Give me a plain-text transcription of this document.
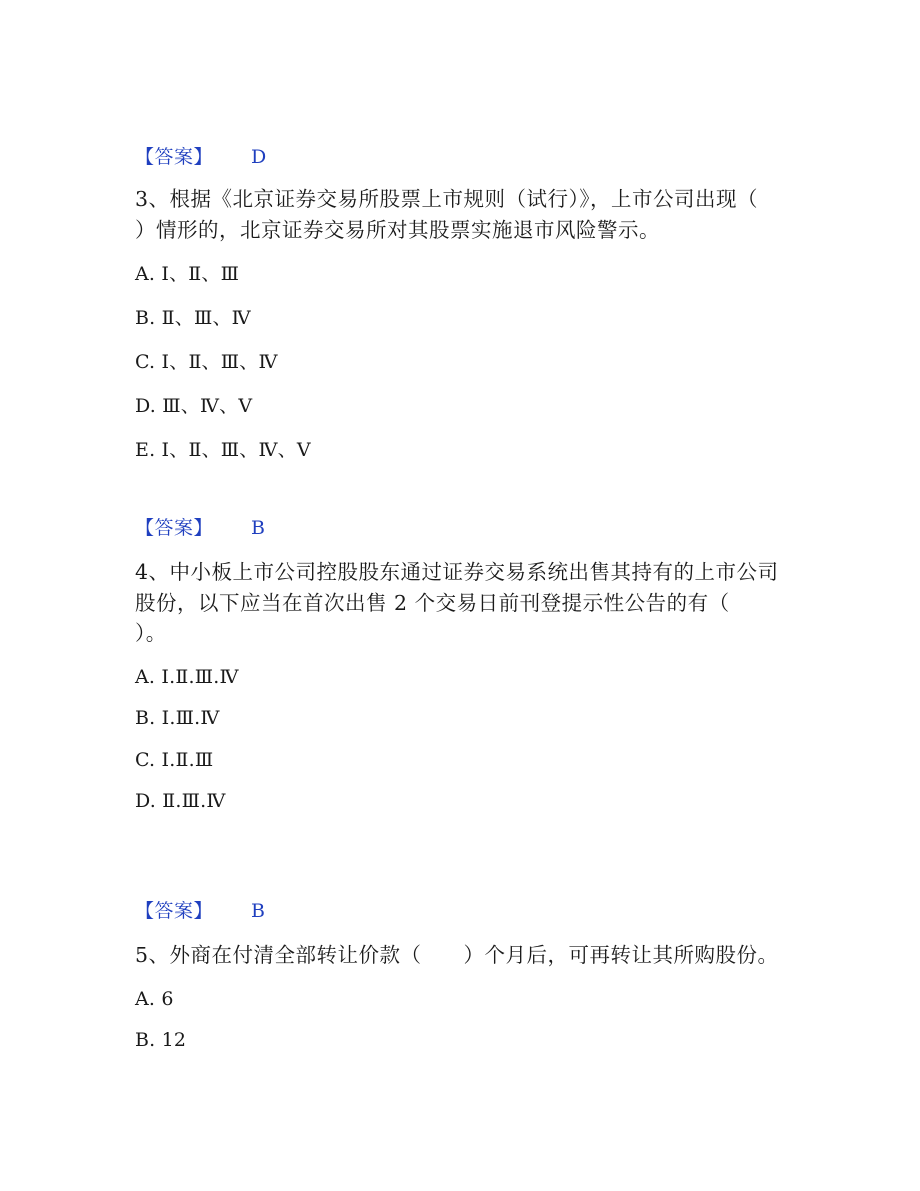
【答案】 D
3、根据《北京证券交易所股票上市规则（试行）》，上市公司出现（
）情形的，北京证券交易所对其股票实施退市风险警示。
A. Ⅰ、Ⅱ、Ⅲ
B. Ⅱ、Ⅲ、Ⅳ
C. Ⅰ、Ⅱ、Ⅲ、Ⅳ
D. Ⅲ、Ⅳ、Ⅴ
E. Ⅰ、Ⅱ、Ⅲ、Ⅳ、Ⅴ
【答案】 B
4、中小板上市公司控股股东通过证券交易系统出售其持有的上市公司
股份，以下应当在首次出售 2 个交易日前刊登提示性公告的有（
）。
A. Ⅰ.Ⅱ.Ⅲ.Ⅳ
B. Ⅰ.Ⅲ.Ⅳ
C. Ⅰ.Ⅱ.Ⅲ
D. Ⅱ.Ⅲ.Ⅳ
【答案】 B
5、外商在付清全部转让价款（　　）个月后，可再转让其所购股份。
A. 6
B. 12
